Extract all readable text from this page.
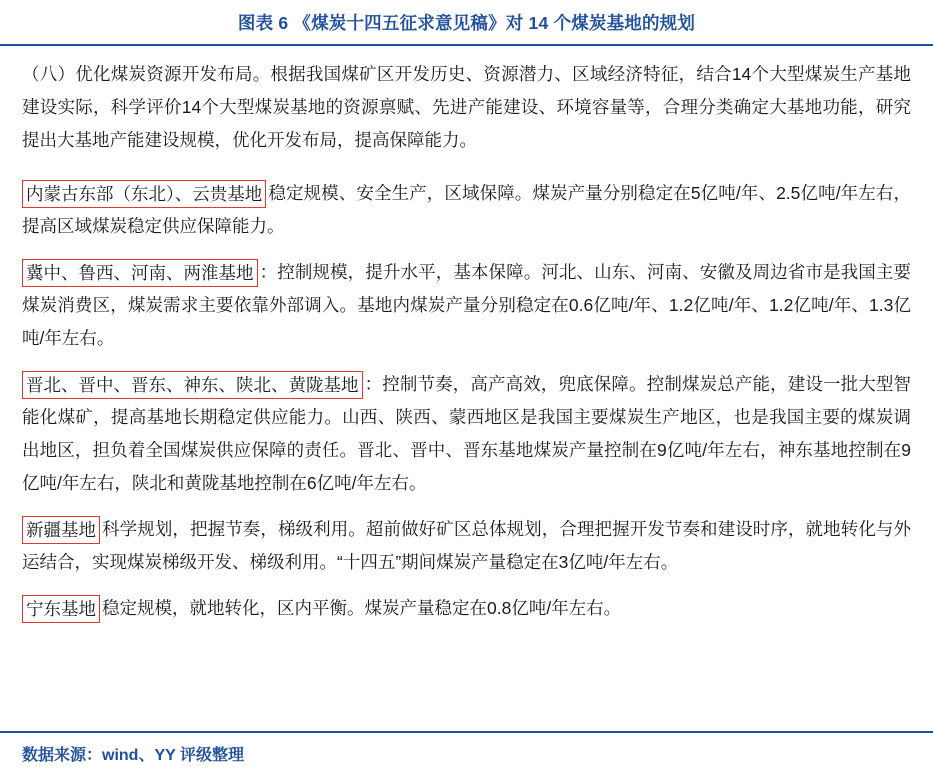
图表 6 《煤炭十四五征求意见稿》对 14 个煤炭基地的规划

（八）优化煤炭资源开发布局。根据我国煤矿区开发历史、资源潜力、区域经济特征，结合14个大型煤炭生产基地建设实际，科学评价14个大型煤炭基地的资源禀赋、先进产能建设、环境容量等，合理分类确定大基地功能，研究提出大基地产能建设规模，优化开发布局，提高保障能力。

内蒙古东部（东北）、云贵基地 稳定规模、安全生产，区域保障。煤炭产量分别稳定在5亿吨/年、2.5亿吨/年左右，提高区域煤炭稳定供应保障能力。

冀中、鲁西、河南、两淮基地 ：控制规模，提升水平，基本保障。河北、山东、河南、安徽及周边省市是我国主要煤炭消费区，煤炭需求主要依靠外部调入。基地内煤炭产量分别稳定在0.6亿吨/年、1.2亿吨/年、1.2亿吨/年、1.3亿吨/年左右。

晋北、晋中、晋东、神东、陕北、黄陇基地 ：控制节奏，高产高效，兜底保障。控制煤炭总产能，建设一批大型智能化煤矿，提高基地长期稳定供应能力。山西、陕西、蒙西地区是我国主要煤炭生产地区，也是我国主要的煤炭调出地区，担负着全国煤炭供应保障的责任。晋北、晋中、晋东基地煤炭产量控制在9亿吨/年左右，神东基地控制在9亿吨/年左右，陕北和黄陇基地控制在6亿吨/年左右。

新疆基地 科学规划，把握节奏，梯级利用。超前做好矿区总体规划，合理把握开发节奏和建设时序，就地转化与外运结合，实现煤炭梯级开发、梯级利用。“十四五”期间煤炭产量稳定在3亿吨/年左右。

宁东基地 稳定规模，就地转化，区内平衡。煤炭产量稳定在0.8亿吨/年左右。

数据来源：wind、YY 评级整理
